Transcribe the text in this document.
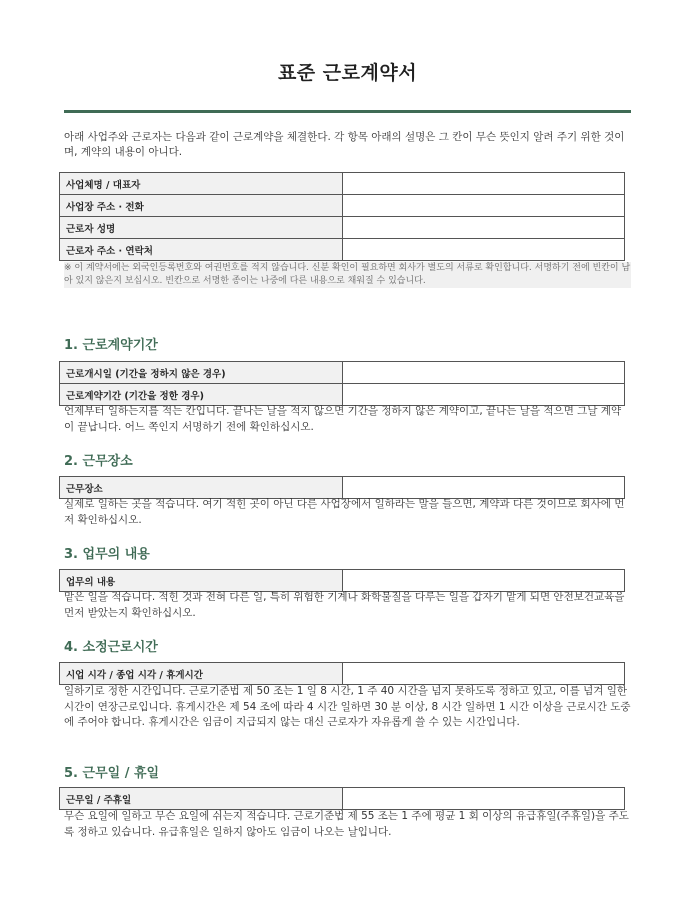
표준 근로계약서
아래 사업주와 근로자는 다음과 같이 근로계약을 체결한다. 각 항목 아래의 설명은 그 칸이 무슨 뜻인지 알려 주기 위한 것이며, 계약의 내용이 아니다.
사업체명 / 대표자	
사업장 주소 · 전화	
근로자 성명	
근로자 주소 · 연락처	
※ 이 계약서에는 외국인등록번호와 여권번호를 적지 않습니다. 신분 확인이 필요하면 회사가 별도의 서류로 확인합니다. 서명하기 전에 빈칸이 남아 있지 않은지 보십시오. 빈칸으로 서명한 종이는 나중에 다른 내용으로 채워질 수 있습니다.
1. 근로계약기간
근로개시일 (기간을 정하지 않은 경우)	
근로계약기간 (기간을 정한 경우)	
언제부터 일하는지를 적는 칸입니다. 끝나는 날을 적지 않으면 기간을 정하지 않은 계약이고, 끝나는 날을 적으면 그날 계약이 끝납니다. 어느 쪽인지 서명하기 전에 확인하십시오.
2. 근무장소
근무장소	
실제로 일하는 곳을 적습니다. 여기 적힌 곳이 아닌 다른 사업장에서 일하라는 말을 들으면, 계약과 다른 것이므로 회사에 먼저 확인하십시오.
3. 업무의 내용
업무의 내용	
맡은 일을 적습니다. 적힌 것과 전혀 다른 일, 특히 위험한 기계나 화학물질을 다루는 일을 갑자기 맡게 되면 안전보건교육을 먼저 받았는지 확인하십시오.
4. 소정근로시간
시업 시각 / 종업 시각 / 휴게시간	
일하기로 정한 시간입니다. 근로기준법 제 50 조는 1 일 8 시간, 1 주 40 시간을 넘지 못하도록 정하고 있고, 이를 넘겨 일한 시간이 연장근로입니다. 휴게시간은 제 54 조에 따라 4 시간 일하면 30 분 이상, 8 시간 일하면 1 시간 이상을 근로시간 도중에 주어야 합니다. 휴게시간은 임금이 지급되지 않는 대신 근로자가 자유롭게 쓸 수 있는 시간입니다.
5. 근무일 / 휴일
근무일 / 주휴일	
무슨 요일에 일하고 무슨 요일에 쉬는지 적습니다. 근로기준법 제 55 조는 1 주에 평균 1 회 이상의 유급휴일(주휴일)을 주도록 정하고 있습니다. 유급휴일은 일하지 않아도 임금이 나오는 날입니다.
